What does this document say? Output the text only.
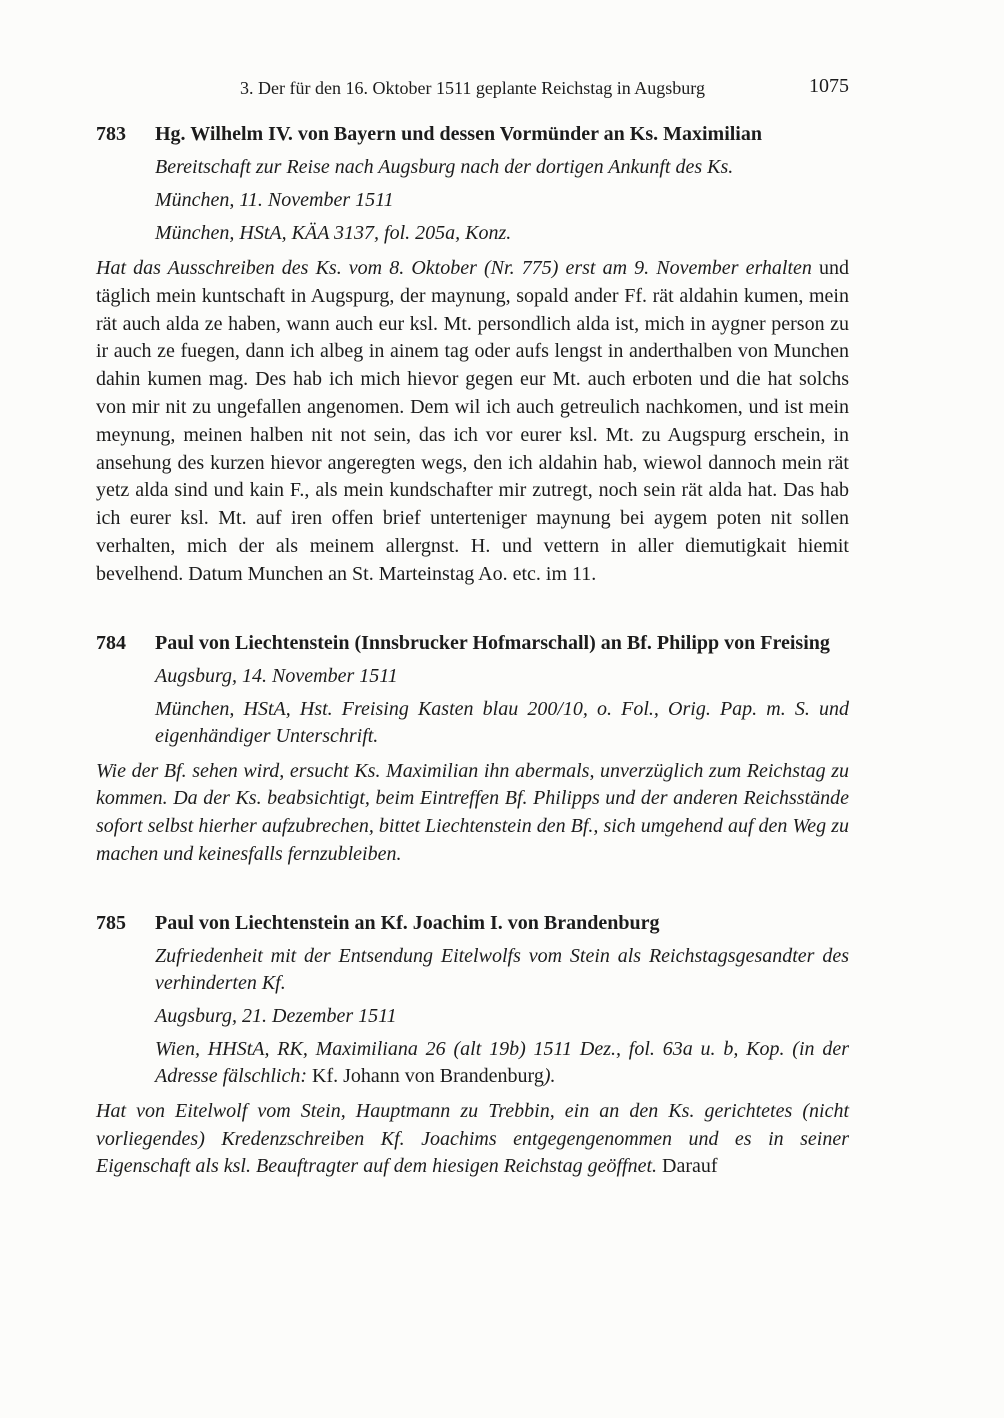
3. Der für den 16. Oktober 1511 geplante Reichstag in Augsburg	1075
783 Hg. Wilhelm IV. von Bayern und dessen Vormünder an Ks. Maximilian

Bereitschaft zur Reise nach Augsburg nach der dortigen Ankunft des Ks.

München, 11. November 1511

München, HStA, KÄA 3137, fol. 205a, Konz.

Hat das Ausschreiben des Ks. vom 8. Oktober (Nr. 775) erst am 9. November erhalten und täglich mein kuntschaft in Augspurg, der maynung, sopald ander Ff. rät aldahin kumen, mein rät auch alda ze haben, wann auch eur ksl. Mt. persondlich alda ist, mich in aygner person zu ir auch ze fuegen, dann ich albeg in ainem tag oder aufs lengst in anderthalben von Munchen dahin kumen mag. Des hab ich mich hievor gegen eur Mt. auch erboten und die hat solchs von mir nit zu ungefallen angenomen. Dem wil ich auch getreulich nachkomen, und ist mein meynung, meinen halben nit not sein, das ich vor eurer ksl. Mt. zu Augspurg erschein, in ansehung des kurzen hievor angeregten wegs, den ich aldahin hab, wiewol dannoch mein rät yetz alda sind und kain F., als mein kundschafter mir zutregt, noch sein rät alda hat. Das hab ich eurer ksl. Mt. auf iren offen brief unterteniger maynung bei aygem poten nit sollen verhalten, mich der als meinem allergnst. H. und vettern in aller diemutigkait hiemit bevelhend. Datum Munchen an St. Marteinstag Ao. etc. im 11.

784 Paul von Liechtenstein (Innsbrucker Hofmarschall) an Bf. Philipp von Freising

Augsburg, 14. November 1511

München, HStA, Hst. Freising Kasten blau 200/10, o. Fol., Orig. Pap. m. S. und eigenhändiger Unterschrift.

Wie der Bf. sehen wird, ersucht Ks. Maximilian ihn abermals, unverzüglich zum Reichstag zu kommen. Da der Ks. beabsichtigt, beim Eintreffen Bf. Philipps und der anderen Reichsstände sofort selbst hierher aufzubrechen, bittet Liechtenstein den Bf., sich umgehend auf den Weg zu machen und keinesfalls fernzubleiben.

785 Paul von Liechtenstein an Kf. Joachim I. von Brandenburg

Zufriedenheit mit der Entsendung Eitelwolfs vom Stein als Reichstagsgesandter des verhinderten Kf.

Augsburg, 21. Dezember 1511

Wien, HHStA, RK, Maximiliana 26 (alt 19b) 1511 Dez., fol. 63a u. b, Kop. (in der Adresse fälschlich: Kf. Johann von Brandenburg).

Hat von Eitelwolf vom Stein, Hauptmann zu Trebbin, ein an den Ks. gerichtetes (nicht vorliegendes) Kredenzschreiben Kf. Joachims entgegengenommen und es in seiner Eigenschaft als ksl. Beauftragter auf dem hiesigen Reichstag geöffnet. Darauf
